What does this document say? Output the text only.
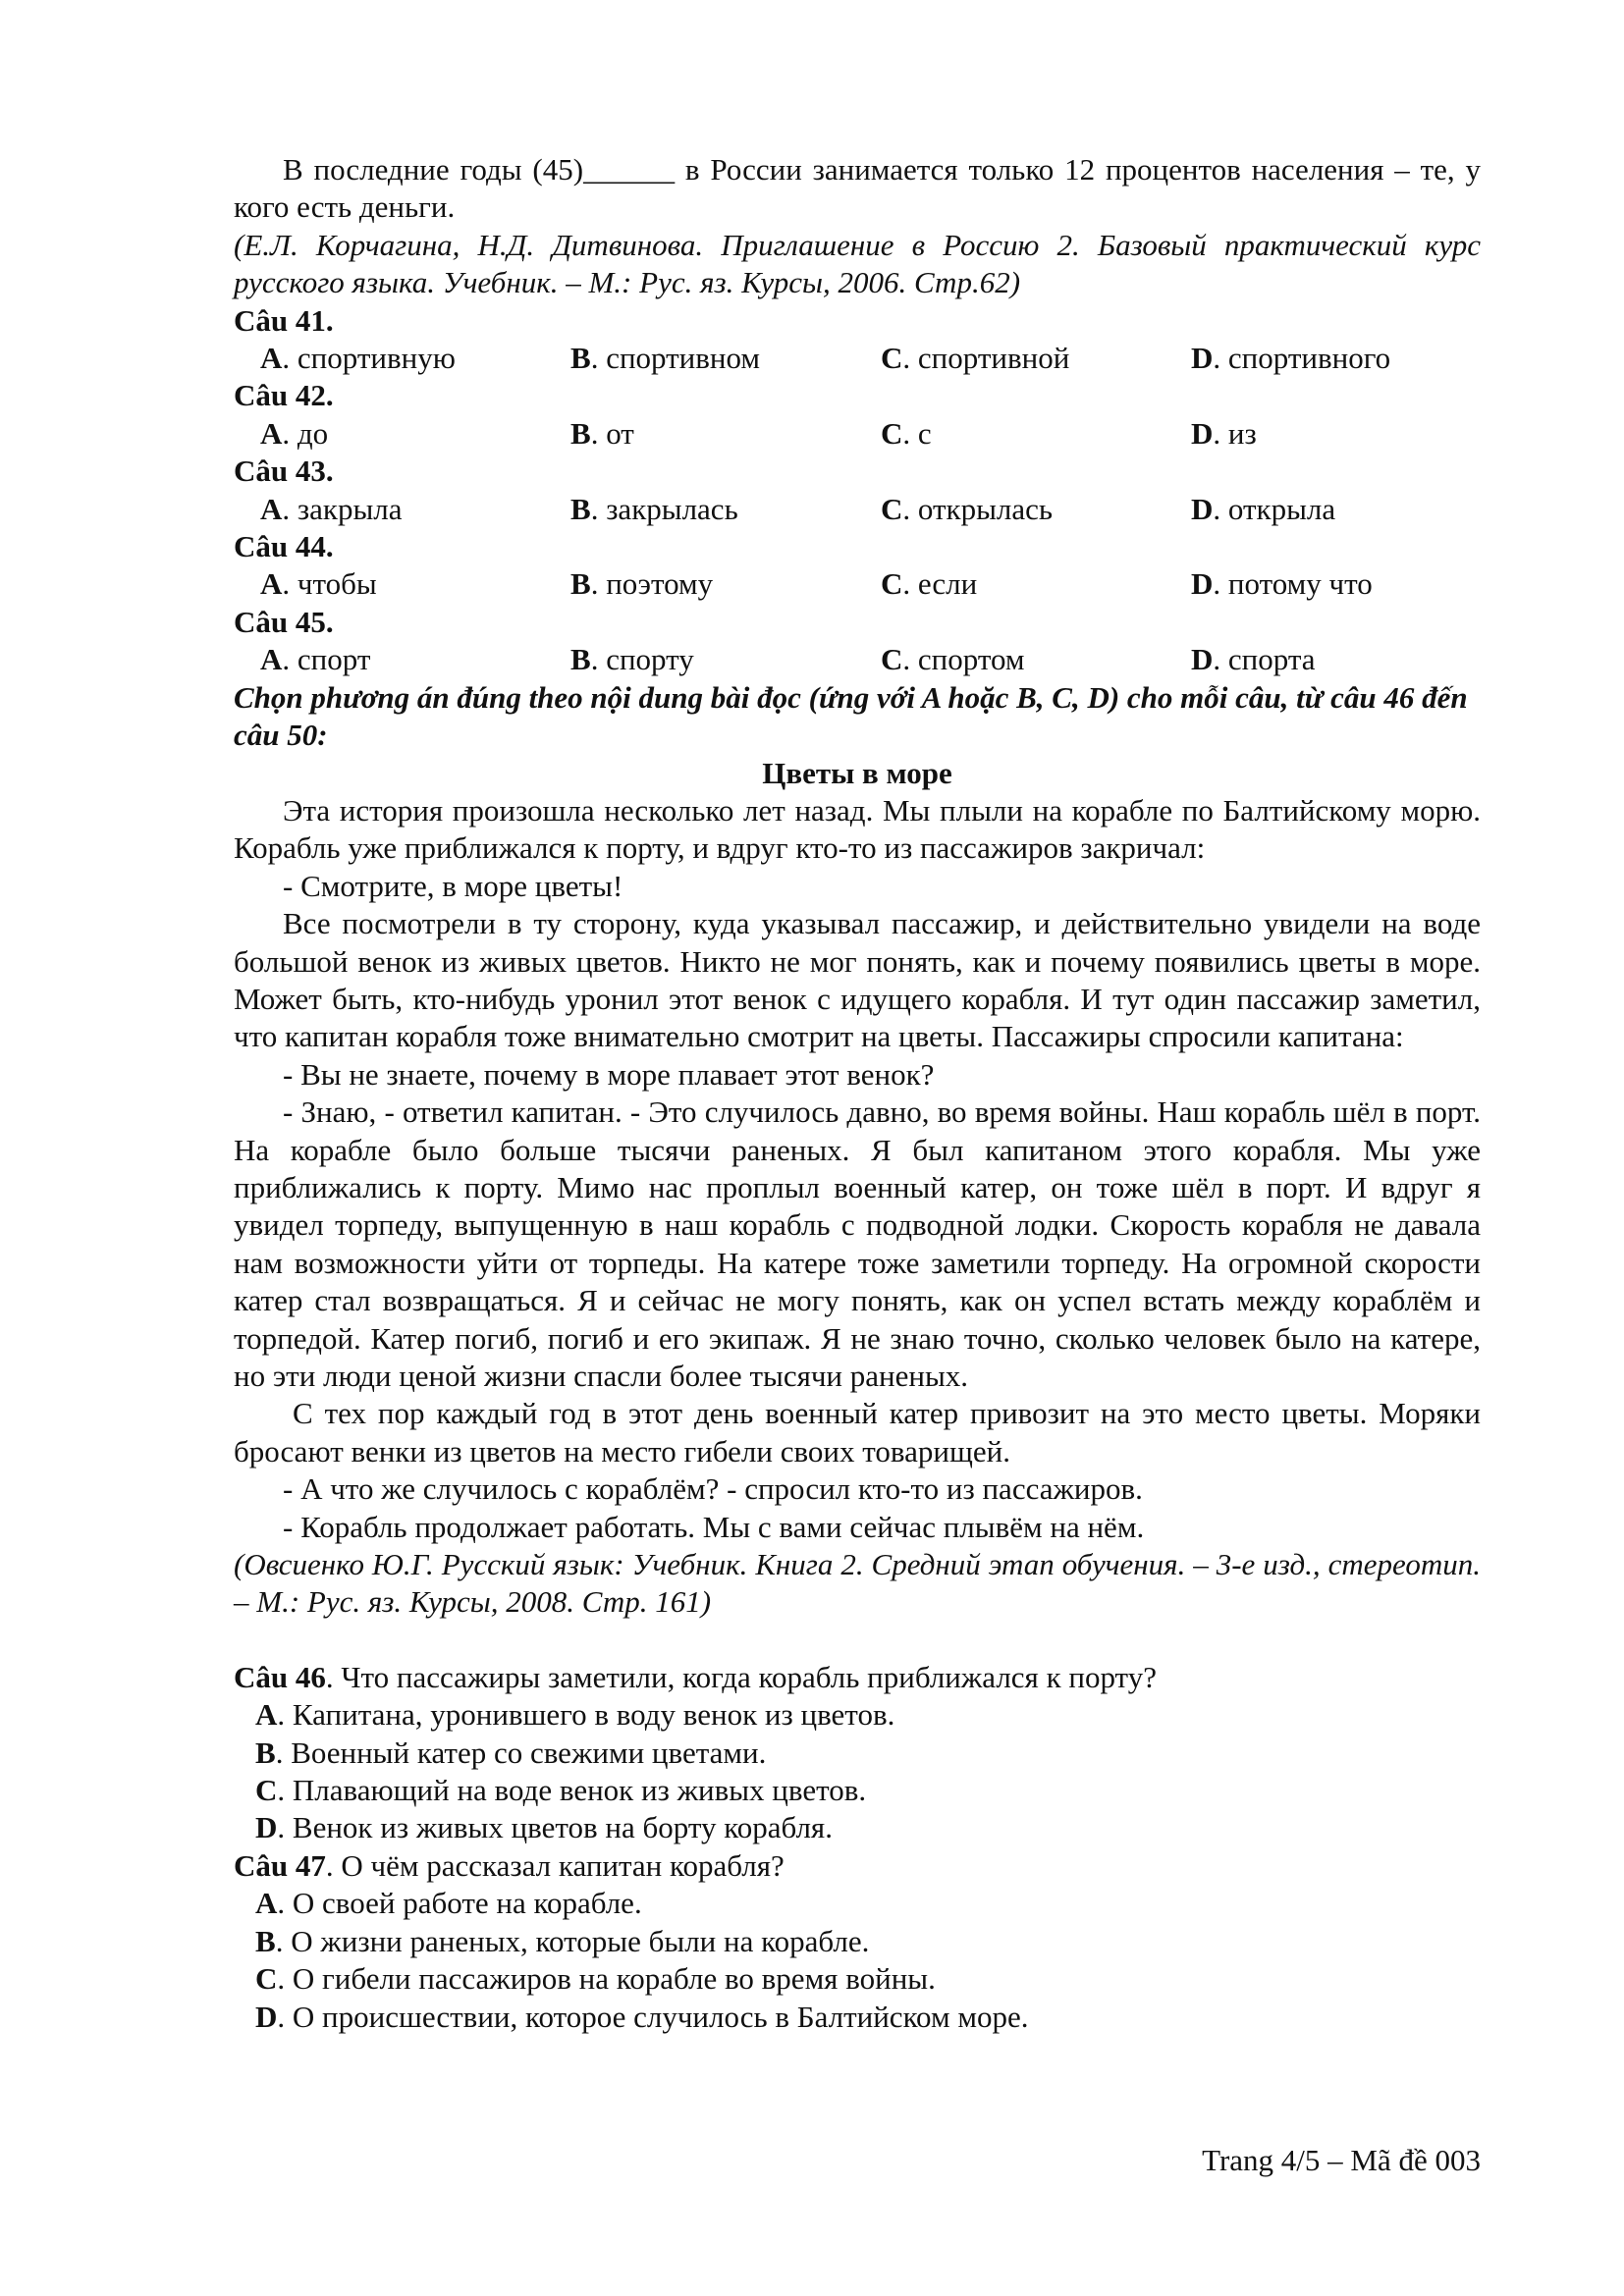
В последние годы (45)______ в России занимается только 12 процентов населения – те, у кого есть деньги.

(Е.Л. Корчагина, Н.Д. Дитвинова. Приглашение в Россию 2. Базовый практический курс русского языка. Учебник. – М.: Рус. яз. Курсы, 2006. Стр.62)

Câu 41.
A. спортивную	B. спортивном	C. спортивной	D. спортивного
Câu 42.
A. до	B. от	C. с	D. из
Câu 43.
A. закрыла	B. закрылась	C. открылась	D. открыла
Câu 44.
A. чтобы	B. поэтому	C. если	D. потому что
Câu 45.
A. спорт	B. спорту	C. спортом	D. спорта

Chọn phương án đúng theo nội dung bài đọc (ứng với A hoặc B, C, D) cho mỗi câu, từ câu 46 đến câu 50:

Цветы в море

Эта история произошла несколько лет назад. Мы плыли на корабле по Балтийскому морю. Корабль уже приближался к порту, и вдруг кто-то из пассажиров закричал:

- Смотрите, в море цветы!

Все посмотрели в ту сторону, куда указывал пассажир, и действительно увидели на воде большой венок из живых цветов. Никто не мог понять, как и почему появились цветы в море. Может быть, кто-нибудь уронил этот венок с идущего корабля. И тут один пассажир заметил, что капитан корабля тоже внимательно смотрит на цветы. Пассажиры спросили капитана:

- Вы не знаете, почему в море плавает этот венок?

- Знаю, - ответил капитан. - Это случилось давно, во время войны. Наш корабль шёл в порт. На корабле было больше тысячи раненых. Я был капитаном этого корабля. Мы уже приближались к порту. Мимо нас проплыл военный катер, он тоже шёл в порт. И вдруг я увидел торпеду, выпущенную в наш корабль с подводной лодки. Скорость корабля не давала нам возможности уйти от торпеды. На катере тоже заметили торпеду. На огромной скорости катер стал возвращаться. Я и сейчас не могу понять, как он успел встать между кораблём и торпедой. Катер погиб, погиб и его экипаж. Я не знаю точно, сколько человек было на катере, но эти люди ценой жизни спасли более тысячи раненых.

С тех пор каждый год в этот день военный катер привозит на это место цветы. Моряки бросают венки из цветов на место гибели своих товарищей.

- А что же случилось с кораблём? - спросил кто-то из пассажиров.

- Корабль продолжает работать. Мы с вами сейчас плывём на нём.

(Овсиенко Ю.Г. Русский язык: Учебник. Книга 2. Средний этап обучения. – 3-е изд., стереотип. – М.: Рус. яз. Курсы, 2008. Стр. 161)

Câu 46. Что пассажиры заметили, когда корабль приближался к порту?
A. Капитана, уронившего в воду венок из цветов.
B. Военный катер со свежими цветами.
C. Плавающий на воде венок из живых цветов.
D. Венок из живых цветов на борту корабля.
Câu 47. О чём рассказал капитан корабля?
A. О своей работе на корабле.
B. О жизни раненых, которые были на корабле.
C. О гибели пассажиров на корабле во время войны.
D. О происшествии, которое случилось в Балтийском море.
Trang 4/5 – Mã đề 003
